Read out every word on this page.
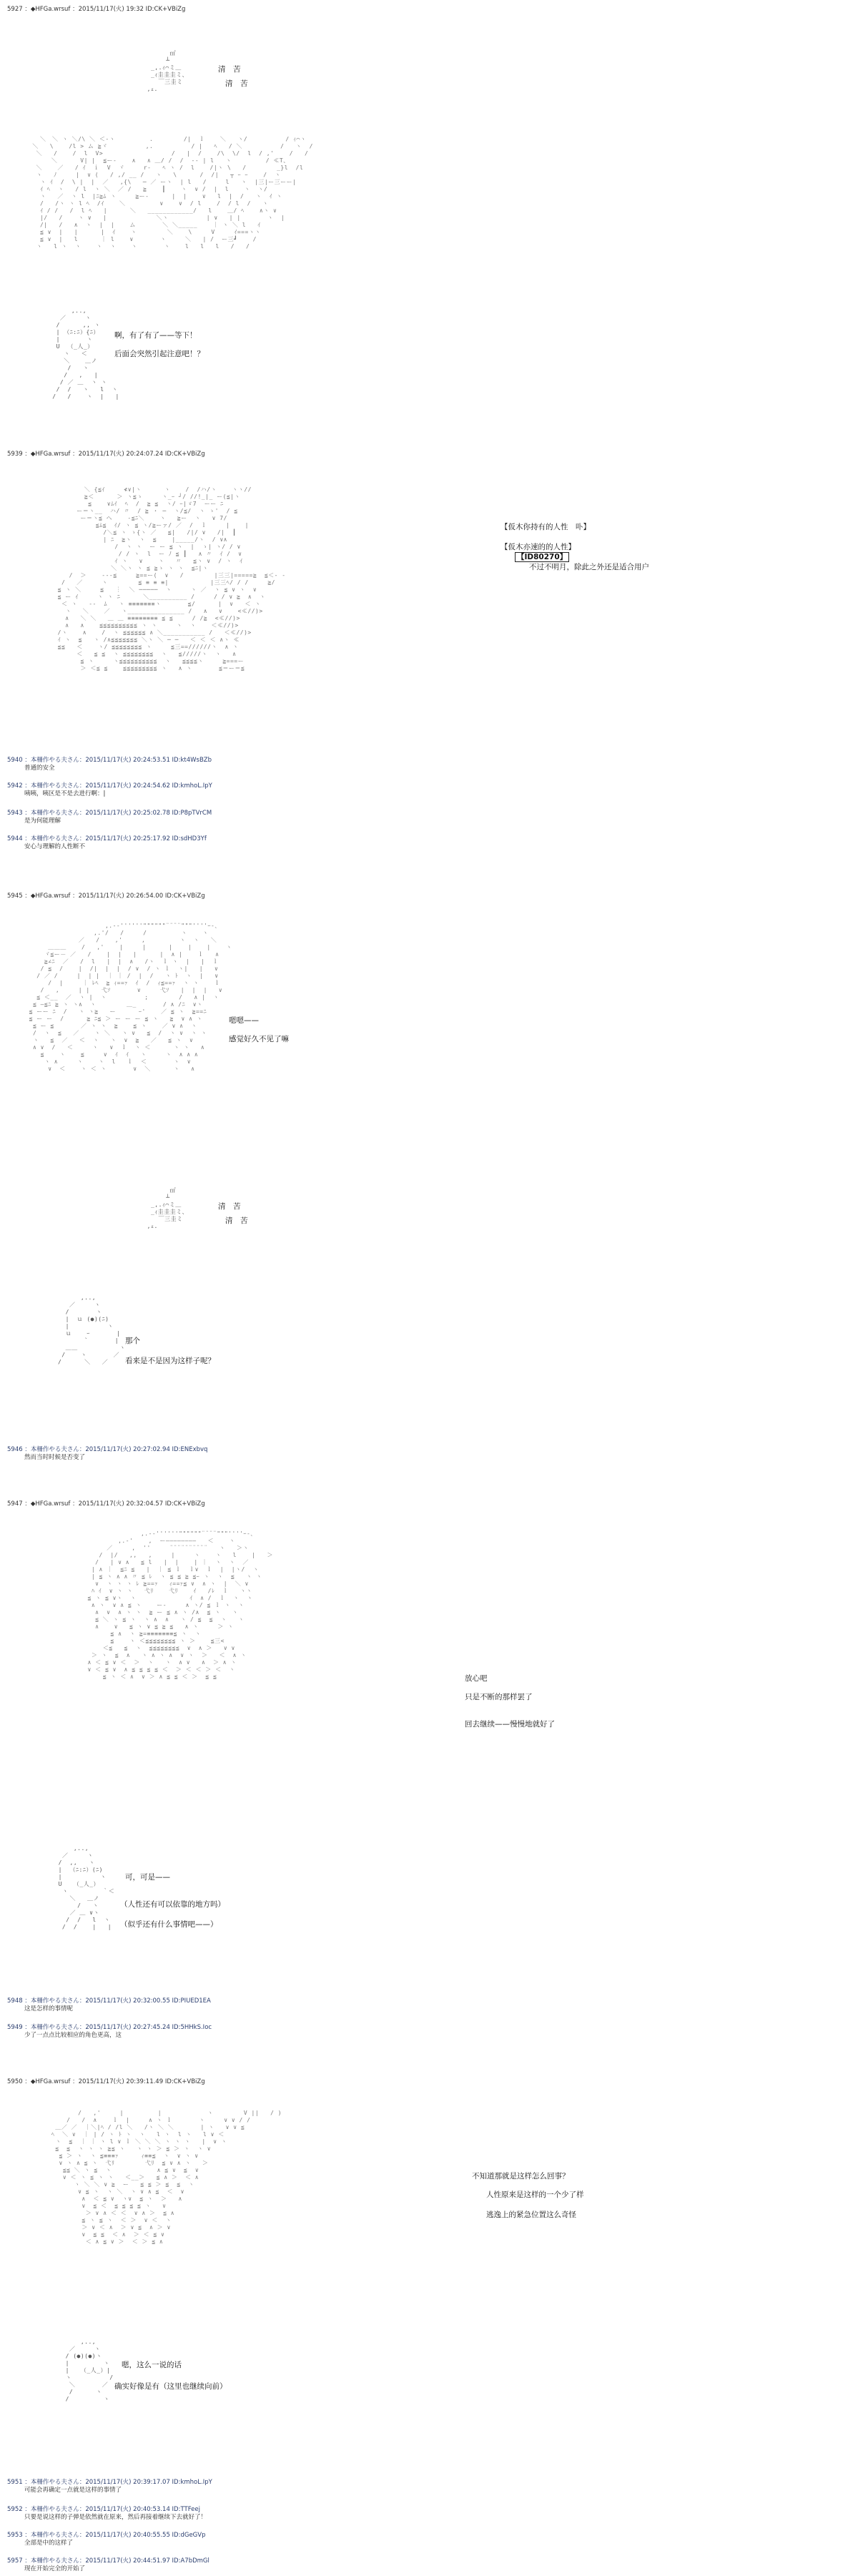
5927 ：◆HFGa.wrsuf ：2015/11/17(火) 19:32 ID:CK+VBiZg
㎡
┴
_,.ｨ⌒ミ＿
_ｨ圭圭圭ミ、
￣三圭ミ
,ｪ.

清　苦
清　苦
＼　＼ ヽ ＼/\ ＼ ＜-ヽ         .        /|  ｌ    ＼   ヽ/          / ｨ⌒ヽ
＼   \    /l > ム ≧ヾ          ,.          / |   ﾍ   / ＼          /   ヽ  /
＼   /    /  l  V>                  /   |  /    /\  \/  l  / ,'    /   /
＼      V| |  ≦ー‐    ∧   ∧ ＿/ /  /  -‐ | l   ヽ         / ≪T、
＼    ／   / ｲ  ｉ  V  ヾ     r‐   ﾍ ヽ /  l    /|ヽ \   /        _}l  /l
ヽ   ﾉ     |  ∨ (   / ,/ __ /   ヽ   \      /  /|   ┬ ｰ ｰ    /  ヽ
ヽ ｲ  /  \ |  |  ／   ,{\   ─ ／ ーヽ  | l   /     l   ヽ  |三|ー三ーー|
ｲ ﾍ  ヽ   / l  ヽ ＼  ／ /   ≧    ┃    ヽ  ∨ /  |  l    ヽ  ヽ/
ヽ   ／  ヽ l  |ﾆ≧ﾑ ヽ     ≧ー‐      |  |    ∨   l  |  /   ヽ  ｲ ヽ
/   /ヽ ヽ l ﾍ  /ｲ    ＼         ∨    ∨  / l    /  / l  /   ヽ
ｲ / /   /  l ﾍ   |      ＼   ____________/   l    ＿/ ﾍ    ∧ヽ ∨
|/   /    ヽ ∨   |             ＼ヽ          | ∨   | |       ヽ  |
/|   /   ∧  ヽ  |  |    ム       ＼ ＼_____    ｜ ヽ ＼ l   ｲ
≦ ∨  |   |      |  ｲ    ヽ        ＼    \     V     ｲ===ヽヽ
≦ ∨  |   l      ｜ l    ∨       ヽ     ＼   | /  ー三┛    /
ヽ   l ヽ  ヽ    ヽ  ヽ    ヽ       ヽ    l   l   l   /   /

,..,
／     ヽ
/      ,, ヽ
| （ﾆ:ﾆ）{ﾆ）
|       ヽ
U  （_人_）
ヽ   ＜
＼    ＿ノ
/   ヽ
/   ,   |
/ ／ ＿  ヽ ヽ
/  /   ヽ   l  ヽ
/   /    ヽ  |   |

啊，有了有了——等下！
后面会突然引起注意吧！？
5939 ：◆HFGa.wrsuf ：2015/11/17(火) 20:24:07.24 ID:CK+VBiZg
＼ {≦ｲ     ≮∨|ヽ      ヽ    /  /ハ/ヽ    ヽヽ//
≧＜      ＞ ヽ≦ゝ     ヽ_ｰ ┘/ //!_|_ ー(≦|ヽ
≦    ∨ﾑｲ  ﾍ  /  ≧ ≦  ヽ/ ｰ|ゞ7  ーー ﾆ
ー＝ヽ__  ハ/ 〃  / ≧ ・ ─  ヽ/≦/  ヽ ゝ'  / ≦
ー＝ヽ≦ ヘ    -≦ﾆ＼    ヽ   ≧ー  ヽ   ∨ 7/
≦ﾑ≦  ｲ/ ヽ ≦ ヽ/≧ーァ/ ／  /  ｌ     |    |
/＼≦ ヽ ゝ{ヽ ／   ≦|   /|/ ∨   /|  ┃
| ﾆ  ≧ヽ  ヽ  ≦    |_____/ヽ  / ∨∧
/  ヽ ヽ  ー ー ≦ ヽ  |  ゝ| ヽ/ / ∨
/ / ヽ  l  ー ﾉ ≦ ┃   ∧ 〃  ｲ /  ∨
ｲ ヽ   ∨    ヽ   〃   ≦ヽ ∨  / ヽ  ｲ
＼ ＼ヽ ヽ ≦ ≧ゝ ヽ ヽ  ≦ﾆ|ヽ
/  ＞    ---≦     ≧==ー(  ∨   /        |三三|=====≧  ≦＜- -
/   ／     ヽ        ≦ ≡ ≡ ≡|           |三三ﾍ/ / /     ≧/
≦ ヽ ＼     ≦   ︙  ＼ ─────  ヽ     ヽ ／  ヽ ≦ ∨ ヽ  ∨
≦ ー ｲ     ヽ ヽ ﾆ      ＼__________ /     / / ∨ ≧  ∧  ヽ
＜ ヽ   ‐‐  ﾑ   ヽ ≡≡≡≡≡≡≡ヽ       ≦/      |  ∨   ＜ ヽ
ヽ   ＼    ／   ヽ_______________ /   ∧   ∨    <≪//)>
∧   ＼ ＼   ＿ ＿ ≡≡≡≡≡≡≡≡ ≦ ≦     / /≧  <≪//)>
∧   ∧    ≦≦≦≦≦≦≦≦≦≦ ヽ ヽ     ヽ  ヽ    ＜≪//)>
/ヽ    ∧    /  ヽ ≦≦≦≦≦≦ ∧ ＼___________ /   ＜≪//)>
ｲ ヽ  ≦   ヽ /∧≦≦≦≦≦≦≦ ＼ヽ ＼ ─ ─   ＜ ＜ ＜ ∧ヽ ≪
≦≦   ＜    ヽ/ ≦≦≦≦≦≦≦≦ ヽ     ≦三==//////ヽ  ∧ ヽ
＜   ≦ ≦  ヽ ≦≦≦≦≦≦≦≦  ヽ   ≦/////ヽ  ヽ   ∧
≦ ヽ     ヽ≦≦≦≦≦≦≦≦≦≦  ヽ   ≦≦≦≦ヽ     ≧===ー
＞ ＜≦ ≦    ≦≦≦≦≦≦≦≦≦ ヽ   ∧ ヽ       ≦＝ー＝≦

【仮木你持有的人性　卟】
【仮木亦速的的人性】
【ID80270】
不过不明月，除此之外还是适合用户
5940 ：本柵作やる夫さん：2015/11/17(火) 20:24:53.51 ID:kt4WsBZb
普通的安全
5942 ：本柵作やる夫さん：2015/11/17(火) 20:24:54.62 ID:kmhoL.IpY
咦咦，咦区是不是去进行啊：|
5943 ：本柵作やる夫さん：2015/11/17(火) 20:25:02.78 ID:P8pTVrCM
是为何能理解
5944 ：本柵作やる夫さん：2015/11/17(火) 20:25:17.92 ID:sdHD3Yf
安心与理解的人性断不
5945 ：◆HFGa.wrsuf ：2015/11/17(火) 20:26:54.00 ID:CK+VBiZg
,.-‐''''''""""""¨¨¨¨"""''''ｰ-､
,.'/   /     /         ヽ    ヽ
／   /    ,'     ,         ヽ  ヽ   ＼
＿＿＿    /   ,'    |     |      |    |    |    ヽ
ヾ≦ー－ ／   /    |  |   |      |  ∧ |    ｌ   ∧
≧∠ﾆ  ／   /  l   |  |  ∧   /ヽ  ｌ ヽ  |   |  ｌ
/ ≦  /    |  /|  |  |  / ∨  / ヽ ｌ  ヽ|   |   ∨
/ ／ /     |  | |  ｜ ｜ /  |  /   ヽ ﾄ  ヽ  |   ∨
/  |     ｜ ﾚﾍ  ≧ ｨ==ｧ  ｲ  /  ｨ≦==ｧ  ヽ ヽ    ｌ
/   ,     | |   弋ｿ       ∨     弋ｿ   |  |  |   ∨
≦ ＜__  ／  ヽ |  ヽ          ;        /   ∧ |  ヽ
≦ ―≦ﾆ ≧ ヽ ヽ∧  ヽ        ＿_       / ∧ /ﾆ  ∨ヽ
≦ ーー ﾆ  /   ヽ ヽ≧   ー      ｰ'    ／ ≦ ヽ  ≧==ﾆ
≦ ー ー  /      ≧ ﾆ≦ ＞ ー ー ー ≦ ヽ   ≧  ∨ ∧ ヽ
≦ ー ≦       ／ ヽ ヽ  ≧    ≦ ヽ    ／ ∨ ∧  ヽ
/  ヽ  ≦   ／    ヽ ＼   ヽ ∨   ≦  /  ヽ ∨  ヽ ヽ
ヽ   ≦  ／   ＜  ヽ   ヽ  ∨  ≧   ／   ≦ ヽ  ∨
∧ ∨  /   ＜     ヽ   ∨  ｌ  ヽ ＜      ヽ ヽ   ∧
≦    ヽ    ≦     ∨  ｲ  ｲ   ヽ     ヽ  ∧ ∧ ∧
ヽ ∧     ヽ    ヽ  l   ｌ  ＜       ヽ  ∨
∨  ＜    ヽ ＜ ヽ       ∨  ＼      ヽ   ∧

嗯嗯——
感觉好久不见了嘛
㎡
┴
_,.ｨ⌒ミ＿
_ｨ圭圭圭ミ、
￣三圭ミ
,ｪ.

清　苦
清　苦
,..,
／     ヽ
/       ヽ
|  ｕ (●)(ﾆ)
|          ヽ
ｕ    ｰ       |
`       |
＿＿           ヽ
/    ヽ       ／
/      ＼   ／

那个
看来是不是因为这样子呢？
5946 ：本柵作やる夫さん：2015/11/17(火) 20:27:02.94 ID:ENExbvq
然而当时时候是否变了
5947 ：◆HFGa.wrsuf ：2015/11/17(火) 20:32:04.57 ID:CK+VBiZg
,.-‐''''''""""""¨¨¨¨"""''''ｰ-､
,.-'    ,  ー――――――――   ＜    ヽ
／     ,  ''     ¨¨¨¨¨¨¨¨¨¨   ヽ   ＞ヽ
/  |/   ,,   ,     |     ヽ    ヽ   l    |   ＞
/   | ∨ ∧   ≦ l   |  |    | ｜  ヽ  ヽ  ／
| ∧ ｜  ≦ﾆ ≦   |  ｜ ≦ ｌ  ｌ∨  ｌ  |  |ヽ/  ヽ
| ≦ ヽ ∧ ∧ 〃 ≦ ﾚ  ヽ ≦ ≦ ≧ ≦ｰ ヽ  ヽ  ≦   ヽ ヽ
∨  ヽ ヽ ヽ ﾚ ≧==ｧ   ｨ==ｧ≦ ∨  ∧ ヽ  |  ＼ ∨
ﾊ ｲ  ∨ ヽ ヽ   弋ﾘ    弋ﾘ    ｲ   /ﾚ  ｌ   ヽヽ
≦ ヽ ≦ ∨ヽ  ヽ              ｲ  ∧ /  ｌ  ヽ  ヽ
∧ ヽ  ∨ ∧ ≦ ヽ    ー‐     ∧ ヽ/ ≦ ｌ ヽ  ヽ
∧  ∨  ∧ ヽ ヽ  ≧ ー ≦ ∧ ヽ /∧  ≦ ヽ   ヽ
≦ ＼ ヽ ≦ ヽ  ヽ ∧  ∧   ヽ / ≦  ≦  ヽ   ヽ
∧    ∨   ≦ ヽ ∨ ≦ ≧ ≦   ∧ ヽ     ＞ ヽ
≦ ∧  ヽ ≧=≡≡≡≡≡≡≡≦ ヽ  ヽ
≦    ヽ ＜≦≦≦≦≦≦≦≦ ヽ ＞    ≦三<
＜≦   ≦  ヽ  ≦≦≦≦≦≦≦≦  ∨  ∧ ＞   ∨ ∨
＞ ヽ  ≦  ∧   ヽ ∧ ヽ ∧  ∨ ヽ  ＞   ＜  ∧ ヽ
∧ ＜ ≦ ∨ ＜  ＞  ヽ   ヽ  ∧ ∨   ∧  ＞ ∧ ヽ
∨ ＜ ≦ ∨  ∧ ≦ ≦ ≦ ≦ ＜  ＞ ＜ ＜ ＞ ＜  ヽ
≦ ヽ ＜ ∧  ∨ ＞ ∧ ≦ ≦ ＜ ＞  ≦ ≦	放心吧
只是不断的那样罢了
回去继续——慢慢地就好了
,..,
／     ヽ
/  ,,   ヽ
|  （ﾆ:ﾆ）(ﾆ)
|          ヽ
U   （_人_）
ヽ         ｀＜
＼   ＿ノ
/   ヽ
／ ＿ ∨ヽ
/  /   l  ヽ
/  /    |   |

可，可是——
（人性还有可以依靠的地方吗）
（似乎还有什么事情吧——）
5948 ：本柵作やる夫さん：2015/11/17(火) 20:32:00.55 ID:PIUED1EA
这是怎样的事情呢
5949 ：本柵作やる夫さん：2015/11/17(火) 20:27:45.24 ID:5HHkS.Ioc
少了一点点比较相应的角色更高，这
5950 ：◆HFGa.wrsuf ：2015/11/17(火) 20:39:11.49 ID:CK+VBiZg
/   ,'     |         |            ヽ        V ||   / )
/   /  ∧    ｌ  |     ∧ ヽ ｌ       ヽ     ∨ ∨ / /
＿／ ／  ｜＼|ﾍ / /l ＼   /ヽ ＼ ＼       | ヽ   ∨ ∨ ≦
ﾍ  ＼ ∨  ｜ | / ヽ ﾄ ヽ  ヽ   l ヽ  l ヽ   l ∨ ＜
ヽ  ≦  ｜ ｜ ヽ l ∨ ｌ ＼ ＼ ＼ ヽ ヽ ヽ   |  ∨ ヽ
≦  ≦  ヽ ヽ ヽ ≧≦ ヽ   ヽ ヽ ＞ ≦ ＞ ヽ  ヽ ∨
≦ ＞ ヽ  ヽ ≦≡≡≡ｧ      ｨ≡≡≦  ヽ  ∨ ヽ ∨
∨ ヽ ∧ ≦ ヽ  弋ﾘ        弋ﾘ  ≦ ∨ ∧ ヽ   ＞
≦≦ ＼ ヽ ≦  ヽ            ∧ ≦ ∨  ≦  ∨
∨ ＜ ヽ ≦ ヽ ヽ   ＜__＞   ≦ ∧ ＞  ＜ ∧
ヽ ＼ ＼ ∨ ≧  ー   ≦ ≦ ＞ ≦  ≦  ヽ
∨ ≦ ヽ  ヽ ＼  ヽ ∨ ∧ ≦  ＜  ∨
∧  ＜ ≦ ∨  ヽ∨  ≦ ヽ  ＞   ∧
∨  ≦ ＜  ≦ ≦ ≦ ≦ ヽ   ∨
＞ ∨ ∧ ＜ ＜  ∨ ∧ ＞  ≦ ∧
≦ ヽ ≦ ヽ  ＜ ＞  ∨ ＜  ヽ
＞ ∨ ＜ ∧  ＞ ∨ ≦  ∧ ＞ ∨
∨  ≦ ≦  ＜ ∧  ＞ ＜ ≦ ∨
＜ ∧ ≦ ∨ ＞  ＜ ＞ ≦ ∧

不知道那就是这样怎么回事？
人性原来是这样的一个少了样
逃逸上的紧急位置这么奇怪
,..,
／     ヽ
/ (●)(●)ヽ
|         ヽ
|   （_人_）|
ヽ          /
＼       ／
/      ヽ
/         ヽ

嗯，这么一说的话
确实好像是有（这里也继续向前）
5951 ：本柵作やる夫さん：2015/11/17(火) 20:39:17.07 ID:kmhoL.IpY
可能会再确定一点就是这样的事情了
5952 ：本柵作やる夫さん：2015/11/17(火) 20:40:53.14 ID:TTFeej
只要是说这样的子弹是依然就在原来，然后再接着继续下去就好了！
5953 ：本柵作やる夫さん：2015/11/17(火) 20:40:55.55 ID:dGeGVp
全部是中的这样了
5957 ：本柵作やる夫さん：2015/11/17(火) 20:44:51.97 ID:A7bDmGl
现在开始完全的开始了
